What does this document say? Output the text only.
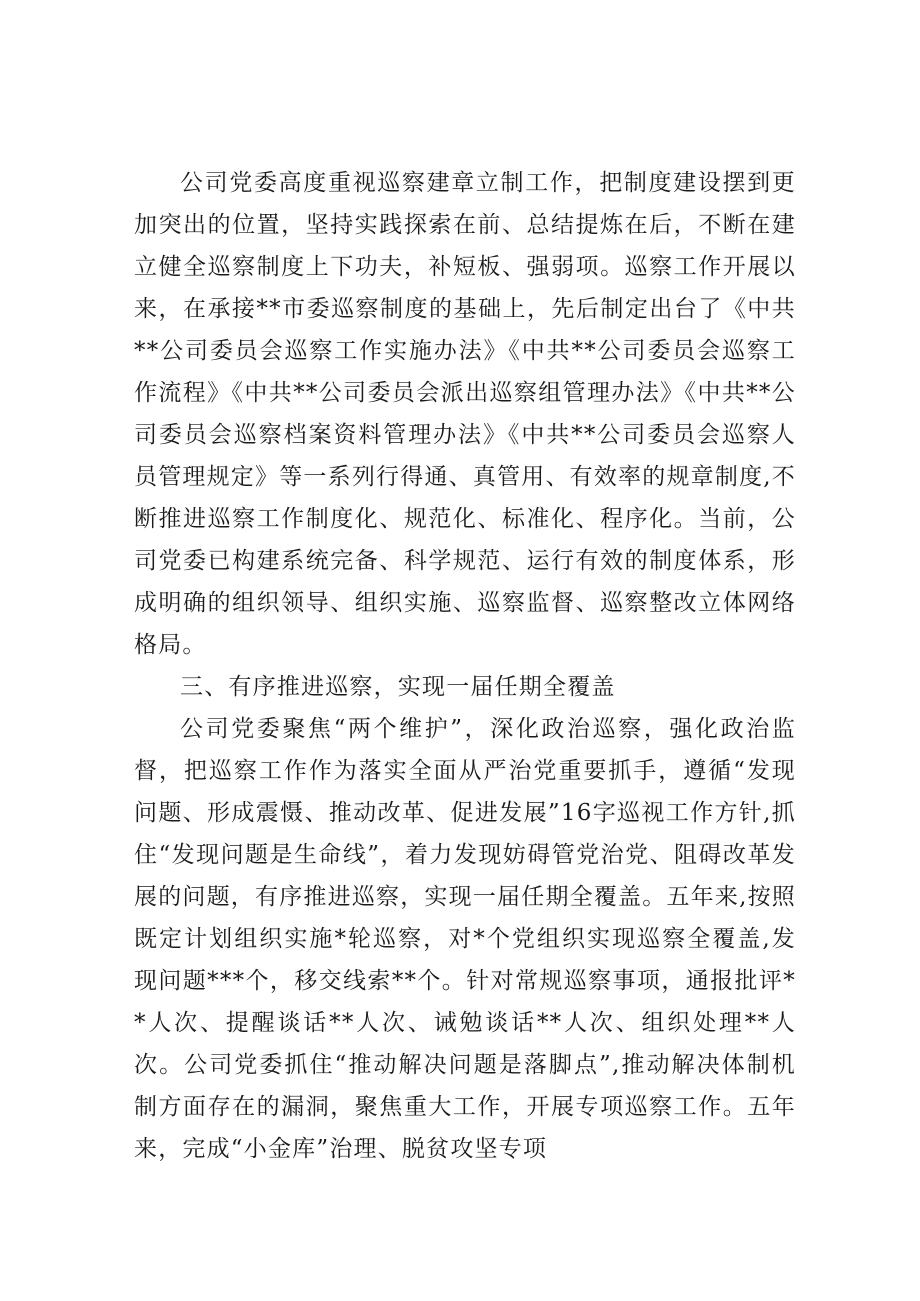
公司党委高度重视巡察建章立制工作，把制度建设摆到更加突出的位置，坚持实践探索在前、总结提炼在后，不断在建立健全巡察制度上下功夫，补短板、强弱项。巡察工作开展以来，在承接**市委巡察制度的基础上，先后制定出台了《中共**公司委员会巡察工作实施办法》《中共**公司委员会巡察工作流程》《中共**公司委员会派出巡察组管理办法》《中共**公司委员会巡察档案资料管理办法》《中共**公司委员会巡察人员管理规定》等一系列行得通、真管用、有效率的规章制度,不断推进巡察工作制度化、规范化、标准化、程序化。当前，公司党委已构建系统完备、科学规范、运行有效的制度体系，形成明确的组织领导、组织实施、巡察监督、巡察整改立体网络格局。

三、有序推进巡察，实现一届任期全覆盖

公司党委聚焦“两个维护”，深化政治巡察，强化政治监督，把巡察工作作为落实全面从严治党重要抓手，遵循“发现问题、形成震慑、推动改革、促进发展”16字巡视工作方针,抓住“发现问题是生命线”，着力发现妨碍管党治党、阻碍改革发展的问题，有序推进巡察，实现一届任期全覆盖。五年来,按照既定计划组织实施*轮巡察，对*个党组织实现巡察全覆盖,发现问题***个，移交线索**个。针对常规巡察事项，通报批评**人次、提醒谈话**人次、诫勉谈话**人次、组织处理**人次。公司党委抓住“推动解决问题是落脚点”,推动解决体制机制方面存在的漏洞，聚焦重大工作，开展专项巡察工作。五年来，完成“小金库”治理、脱贫攻坚专项
